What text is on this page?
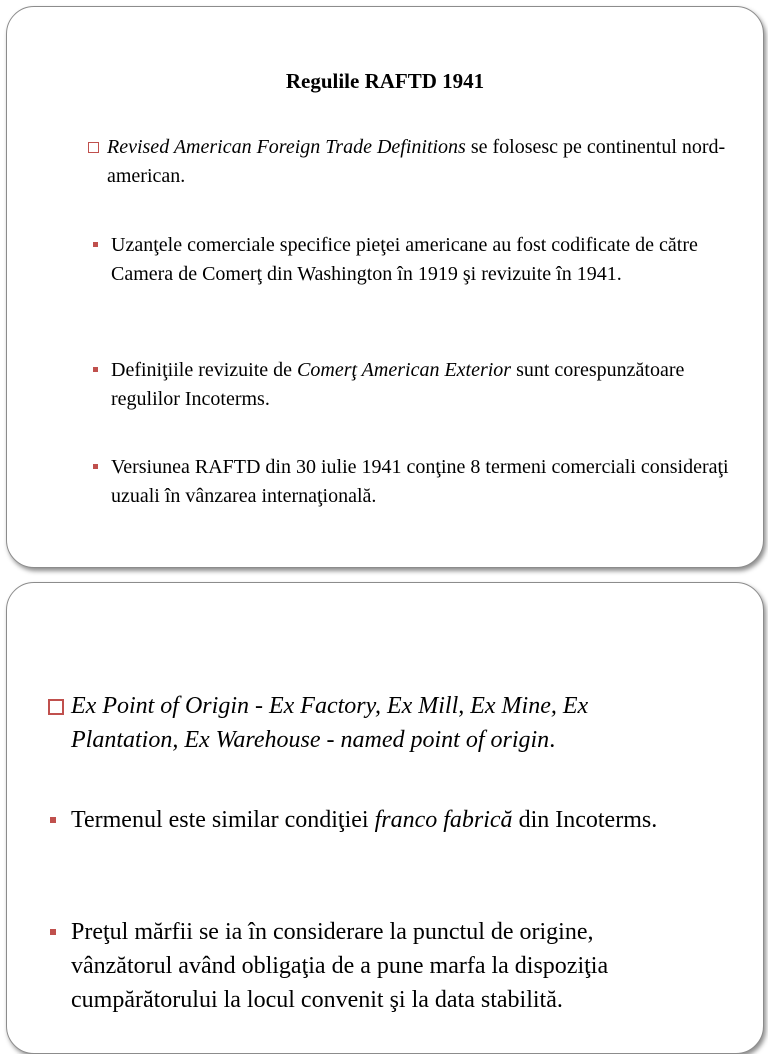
Regulile RAFTD 1941
Revised American Foreign Trade Definitions se folosesc pe continentul nord-american.
Uzanţele comerciale specifice pieţei americane au fost codificate de către Camera de Comerţ din Washington în 1919 şi revizuite în 1941.
Definiţiile revizuite de Comerţ American Exterior sunt corespunzătoare regulilor Incoterms.
Versiunea RAFTD din 30 iulie 1941 conţine 8 termeni comerciali consideraţi uzuali în vânzarea internaţională.
Ex Point of Origin - Ex Factory, Ex Mill, Ex Mine, Ex Plantation, Ex Warehouse - named point of origin.
Termenul este similar condiţiei franco fabrică din Incoterms.
Preţul mărfii se ia în considerare la punctul de origine, vânzătorul având obligaţia de a pune marfa la dispoziţia cumpărătorului la locul convenit şi la data stabilită.
